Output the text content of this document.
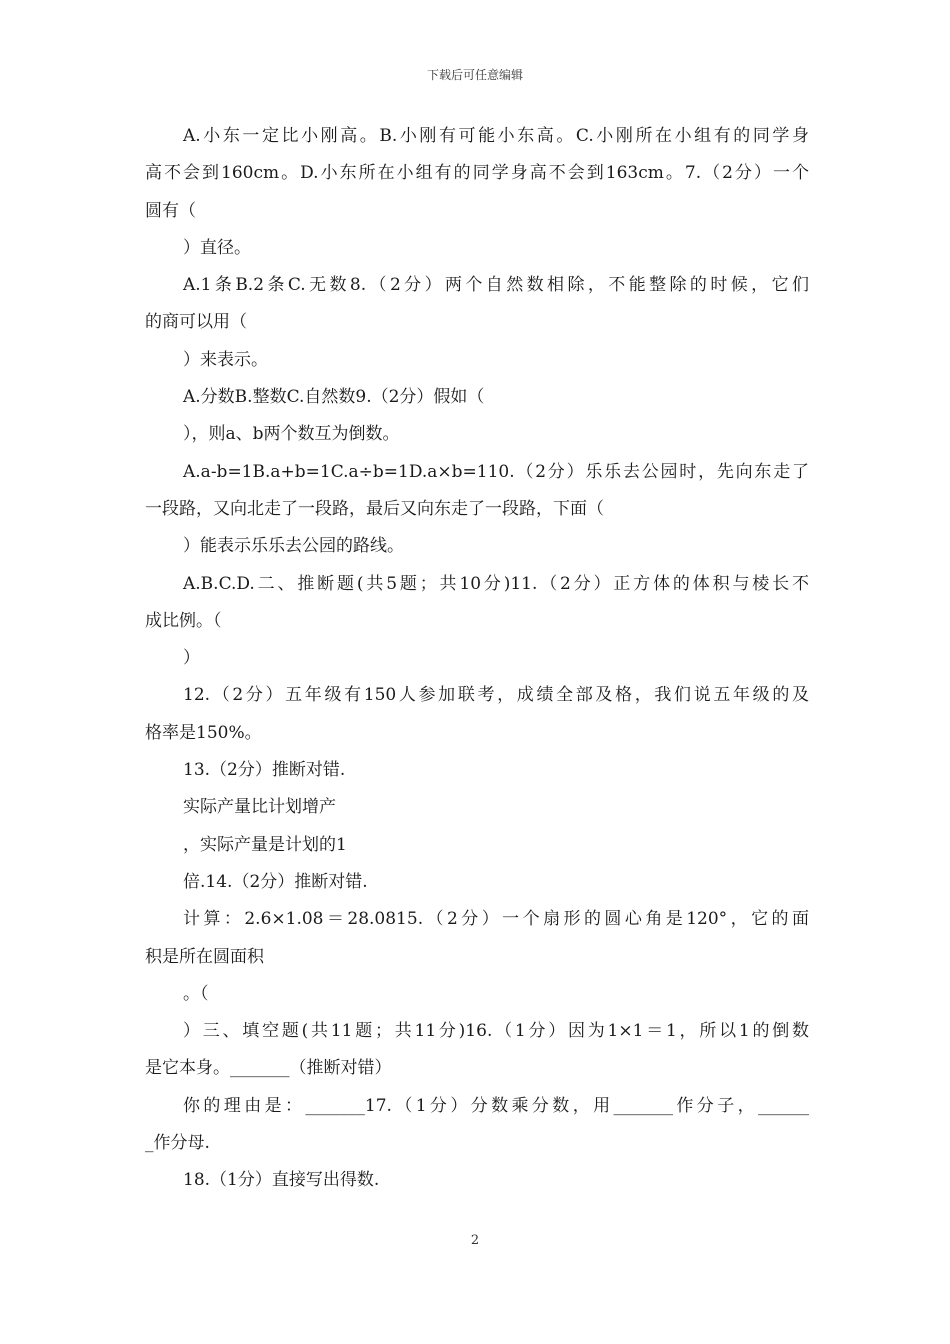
下载后可任意编辑
A.小东一定比小刚高。B.小刚有可能小东高。C.小刚所在小组有的同学身
高不会到160cm。D.小东所在小组有的同学身高不会到163cm。7.（2分）一个
圆有（
）直径。
A.1条B.2条C.无数8.（2分）两个自然数相除，不能整除的时候，它们
的商可以用（
）来表示。
A.分数B.整数C.自然数9.（2分）假如（
），则a、b两个数互为倒数。
A.a-b=1B.a+b=1C.a÷b=1D.a×b=110.（2分）乐乐去公园时，先向东走了
一段路，又向北走了一段路，最后又向东走了一段路，下面（
）能表示乐乐去公园的路线。
A.B.C.D.二、推断题(共5题；共10分)11.（2分）正方体的体积与棱长不
成比例。（
）
12.（2分）五年级有150人参加联考，成绩全部及格，我们说五年级的及
格率是150%。
13.（2分）推断对错.
实际产量比计划增产
，实际产量是计划的1
倍.14.（2分）推断对错.
计算：2.6×1.08＝28.0815.（2分）一个扇形的圆心角是120°，它的面
积是所在圆面积
。（
）三、填空题(共11题；共11分)16.（1分）因为1×1＝1，所以1的倒数
是它本身。_______（推断对错）
你的理由是：_______17.（1分）分数乘分数，用_______作分子，______
_作分母.
18.（1分）直接写出得数.
2
